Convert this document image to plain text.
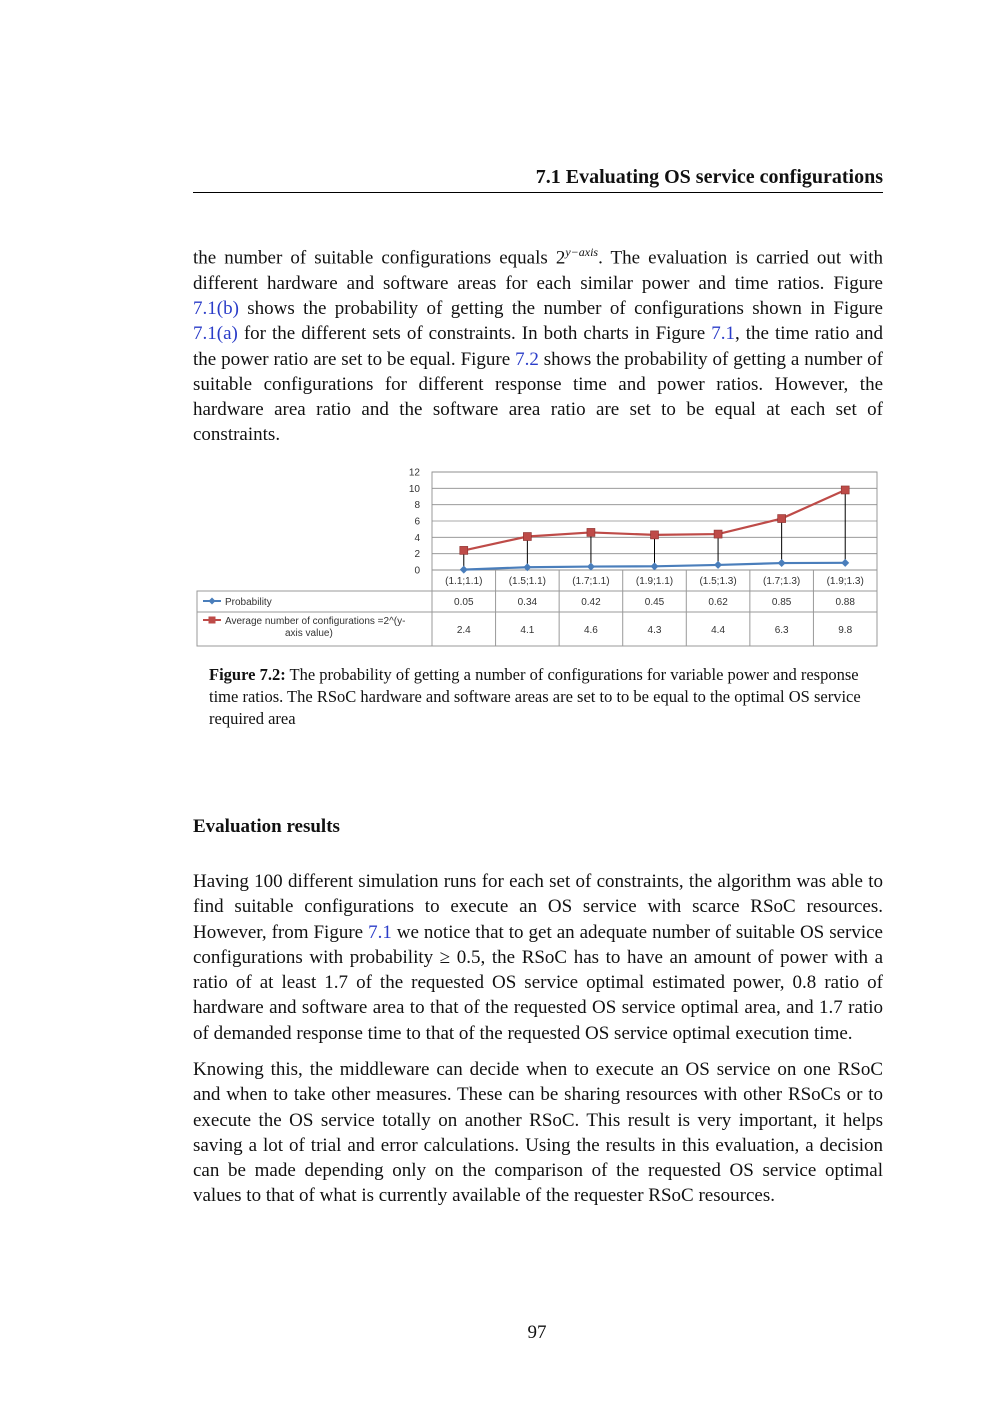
7.1 Evaluating OS service configurations

the number of suitable configurations equals $2^{y-axis}$. The evaluation is carried out with different hardware and software areas for each similar power and time ratios. Figure 7.1(b) shows the probability of getting the number of configurations shown in Figure 7.1(a) for the different sets of constraints. In both charts in Figure 7.1, the time ratio and the power ratio are set to be equal. Figure 7.2 shows the probability of getting a number of suitable configurations for different response time and power ratios. However, the hardware area ratio and the software area ratio are set to be equal at each set of constraints.

0
2
4
6
8
10
12
(1.1;1.1)	(1.5;1.1)	(1.7;1.1)	(1.9;1.1)	(1.5;1.3)	(1.7;1.3)	(1.9;1.3)
0.05	0.34	0.42	0.45	0.62	0.85	0.88
2.4	4.1	4.6	4.3	4.4	6.3	9.8
Probability
Average number of configurations =2^(y-
axis value)

Figure 7.2: The probability of getting a number of configurations for variable power and response time ratios. The RSoC hardware and software areas are set to to be equal to the optimal OS service required area

Evaluation results

Having 100 different simulation runs for each set of constraints, the algorithm was able to find suitable configurations to execute an OS service with scarce RSoC resources. However, from Figure 7.1 we notice that to get an adequate number of suitable OS service configurations with probability ≥ 0.5, the RSoC has to have an amount of power with a ratio of at least 1.7 of the requested OS service optimal estimated power, 0.8 ratio of hardware and software area to that of the requested OS service optimal area, and 1.7 ratio of demanded response time to that of the requested OS service optimal execution time.

Knowing this, the middleware can decide when to execute an OS service on one RSoC and when to take other measures. These can be sharing resources with other RSoCs or to execute the OS service totally on another RSoC. This result is very important, it helps saving a lot of trial and error calculations. Using the results in this evaluation, a decision can be made depending only on the comparison of the requested OS service optimal values to that of what is currently available of the requester RSoC resources.

97
